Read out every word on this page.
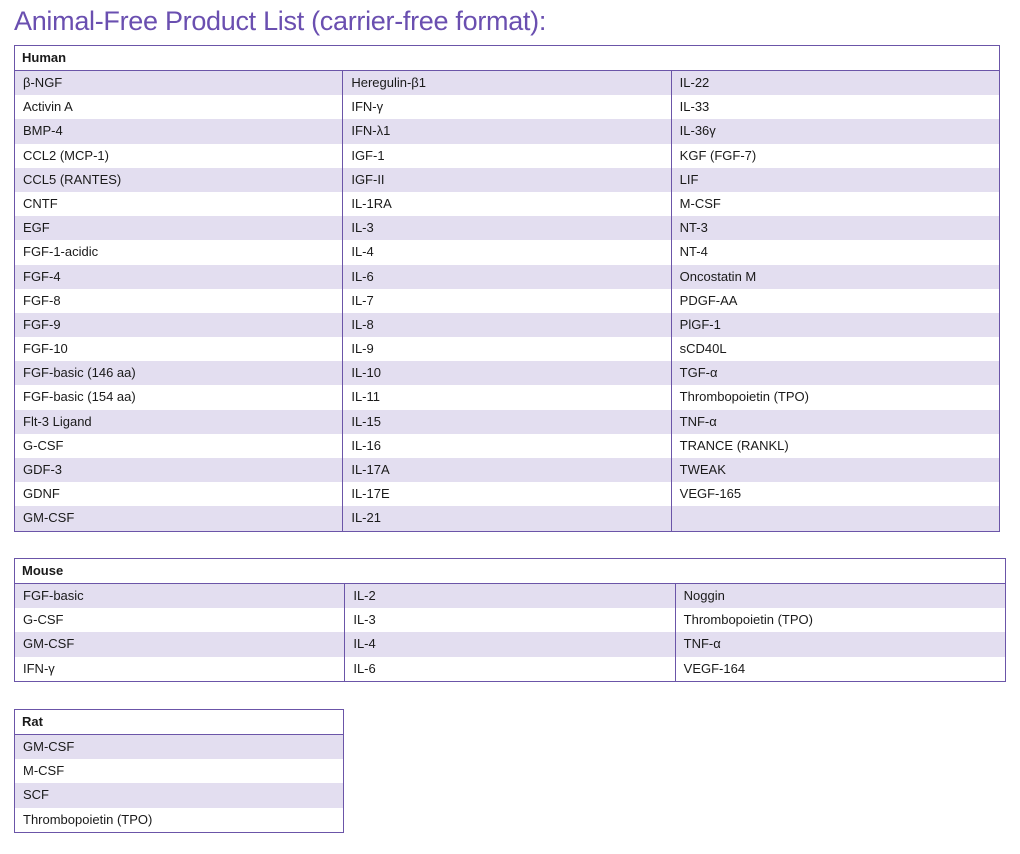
Animal-Free Product List (carrier-free format):
Human
β-NGF	Heregulin-β1	IL-22
Activin A	IFN-γ	IL-33
BMP-4	IFN-λ1	IL-36γ
CCL2 (MCP-1)	IGF-1	KGF (FGF-7)
CCL5 (RANTES)	IGF-II	LIF
CNTF	IL-1RA	M-CSF
EGF	IL-3	NT-3
FGF-1-acidic	IL-4	NT-4
FGF-4	IL-6	Oncostatin M
FGF-8	IL-7	PDGF-AA
FGF-9	IL-8	PlGF-1
FGF-10	IL-9	sCD40L
FGF-basic (146 aa)	IL-10	TGF-α
FGF-basic (154 aa)	IL-11	Thrombopoietin (TPO)
Flt-3 Ligand	IL-15	TNF-α
G-CSF	IL-16	TRANCE (RANKL)
GDF-3	IL-17A	TWEAK
GDNF	IL-17E	VEGF-165
GM-CSF	IL-21
Mouse
FGF-basic	IL-2	Noggin
G-CSF	IL-3	Thrombopoietin (TPO)
GM-CSF	IL-4	TNF-α
IFN-γ	IL-6	VEGF-164
Rat
GM-CSF
M-CSF
SCF
Thrombopoietin (TPO)
